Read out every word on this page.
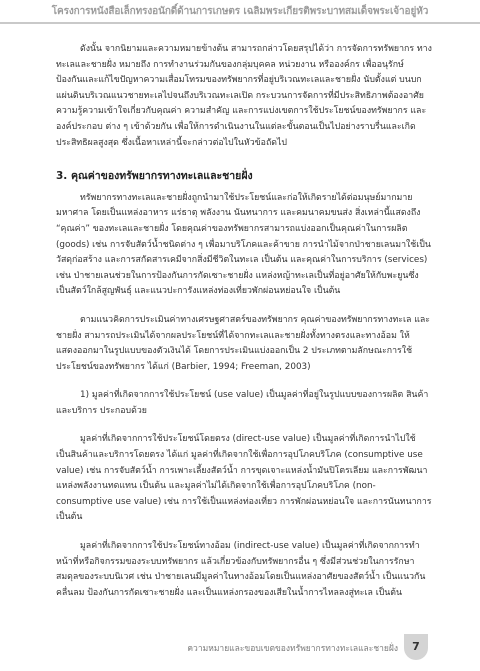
โครงการหนังสือเล็กทรงอนักดิ์ด้านการเกษตร เฉลิมพระเกียรติพระบาทสมเด็จพระเจ้าอยู่หัว

ดังนั้น จากนิยามและความหมายข้างต้น สามารถกล่าวโดยสรุปได้ว่า การจัดการทรัพยากร ทางทะเลและชายฝั่ง หมายถึง การทำงานร่วมกันของกลุ่มบุคคล หน่วยงาน หรือองค์กร เพื่ออนุรักษ์ ป้องกันและแก้ไขปัญหาความเสื่อมโทรมของทรัพยากรที่อยู่บริเวณทะเลและชายฝั่ง นับตั้งแต่ บนบก แผ่นดินบริเวณแนวชายทะเลไปจนถึงบริเวณทะเลเปิด กระบวนการจัดการที่มีประสิทธิภาพต้องอาศัย ความรู้ความเข้าใจเกี่ยวกับคุณค่า ความสำคัญ และการแบ่งเขตการใช้ประโยชน์ของทรัพยากร และองค์ประกอบ ต่าง ๆ เข้าด้วยกัน เพื่อให้การดำเนินงานในแต่ละขั้นตอนเป็นไปอย่างราบรื่นและเกิดประสิทธิผลสูงสุด ซึ่งเนื้อหาเหล่านี้จะกล่าวต่อไปในหัวข้อถัดไป

3. คุณค่าของทรัพยากรทางทะเลและชายฝั่ง

ทรัพยากรทางทะเลและชายฝั่งถูกนำมาใช้ประโยชน์และก่อให้เกิดรายได้ต่อมนุษย์มากมาย มหาศาล โดยเป็นแหล่งอาหาร แร่ธาตุ พลังงาน นันทนาการ และคมนาคมขนส่ง สิ่งเหล่านี้แสดงถึง “คุณค่า” ของทะเลและชายฝั่ง โดยคุณค่าของทรัพยากรสามารถแบ่งออกเป็นคุณค่าในการผลิต (goods) เช่น การจับสัตว์น้ำชนิดต่าง ๆ เพื่อมาบริโภคและค้าขาย การนำไม้จากป่าชายเลนมาใช้เป็น วัสดุก่อสร้าง และการสกัดสารเคมีจากสิ่งมีชีวิตในทะเล เป็นต้น และคุณค่าในการบริการ (services) เช่น ป่าชายเลนช่วยในการป้องกันการกัดเซาะชายฝั่ง แหล่งหญ้าทะเลเป็นที่อยู่อาศัยให้กับพะยูนซึ่ง เป็นสัตว์ใกล้สูญพันธุ์ และแนวปะการังแหล่งท่องเที่ยวพักผ่อนหย่อนใจ เป็นต้น

ตามแนวคิดการประเมินค่าทางเศรษฐศาสตร์ของทรัพยากร คุณค่าของทรัพยากรทางทะเล และชายฝั่ง สามารถประเมินได้จากผลประโยชน์ที่ได้จากทะเลและชายฝั่งทั้งทางตรงและทางอ้อม ให้ แสดงออกมาในรูปแบบของตัวเงินได้ โดยการประเมินแบ่งออกเป็น 2 ประเภทตามลักษณะการใช้ ประโยชน์ของทรัพยากร ได้แก่ (Barbier, 1994; Freeman, 2003)

1) มูลค่าที่เกิดจากการใช้ประโยชน์ (use value) เป็นมูลค่าที่อยู่ในรูปแบบของการผลิต สินค้าและบริการ ประกอบด้วย

มูลค่าที่เกิดจากการใช้ประโยชน์โดยตรง (direct-use value) เป็นมูลค่าที่เกิดการนำไปใช้ เป็นสินค้าและบริการโดยตรง ได้แก่ มูลค่าที่เกิดจากใช้เพื่อการอุปโภคบริโภค (consumptive use value) เช่น การจับสัตว์น้ำ การเพาะเลี้ยงสัตว์น้ำ การขุดเจาะแหล่งน้ำมันปิโตรเลียม และการพัฒนา แหล่งพลังงานทดแทน เป็นต้น และมูลค่าไม่ได้เกิดจากใช้เพื่อการอุปโภคบริโภค (non-consumptive use value) เช่น การใช้เป็นแหล่งท่องเที่ยว การพักผ่อนหย่อนใจ และการนันทนาการ เป็นต้น

มูลค่าที่เกิดจากการใช้ประโยชน์ทางอ้อม (indirect-use value) เป็นมูลค่าที่เกิดจากการทำ หน้าที่หรือกิจกรรมของระบบทรัพยากร แล้วเกี่ยวข้องกับทรัพยากรอื่น ๆ ซึ่งมีส่วนช่วยในการรักษา สมดุลของระบบนิเวศ เช่น ป่าชายเลนมีมูลค่าในทางอ้อมโดยเป็นแหล่งอาศัยของสัตว์น้ำ เป็นแนวกัน คลื่นลม ป้องกันการกัดเซาะชายฝั่ง และเป็นแหล่งกรองของเสียในน้ำการไหลลงสู่ทะเล เป็นต้น

ความหมายและขอบเขตของทรัพยากรทางทะเลและชายฝั่ง	7
